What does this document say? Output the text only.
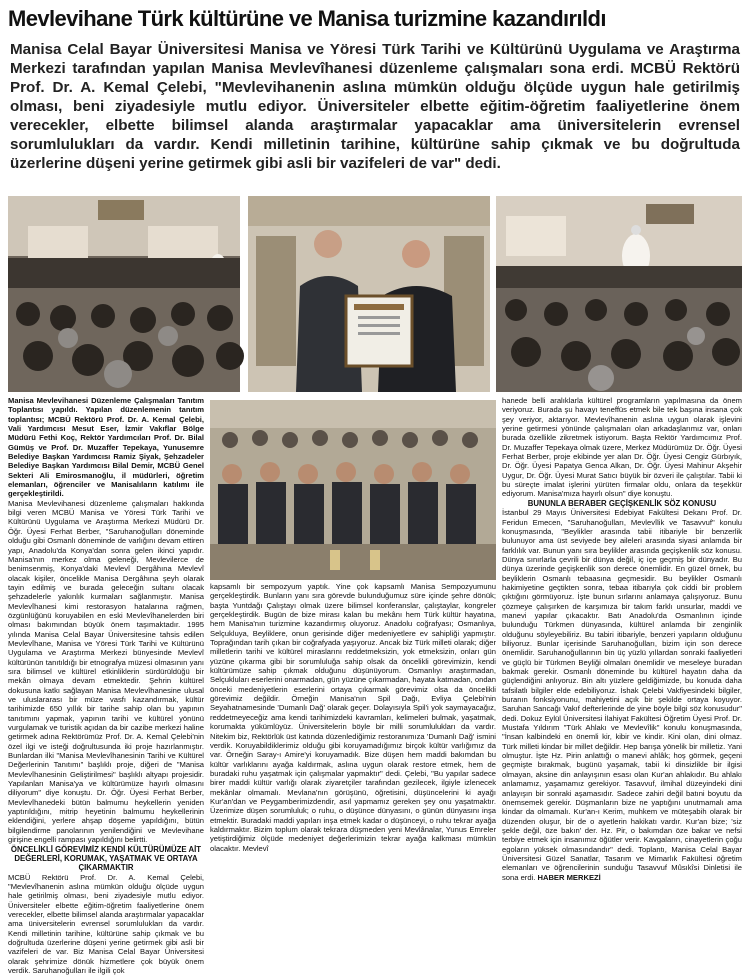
Mevlevihane Türk kültürüne ve Manisa turizmine kazandırıldı
Manisa Celal Bayar Üniversitesi Manisa ve Yöresi Türk Tarihi ve Kültürünü Uygulama ve Araştırma Merkezi tarafından yapılan Manisa Mevlevîhanesi düzenleme çalışmaları sona erdi. MCBÜ Rektörü Prof. Dr. A. Kemal Çelebi, "Mevlevihanenin aslına mümkün olduğu ölçüde uygun hale getirilmiş olması, beni ziyadesiyle mutlu ediyor. Üniversiteler elbette eğitim-öğretim faaliyetlerine önem verecekler, elbette bilimsel alanda araştırmalar yapacaklar ama üniversitelerin evrensel sorumlulukları da vardır. Kendi milletinin tarihine, kültürüne sahip çıkmak ve bu doğrultuda üzerlerine düşeni yerine getirmek gibi asli bir vazifeleri de var" dedi.

Manisa Mevlevihanesi Düzenleme Çalışmaları Tanıtım Toplantısı yapıldı. Yapılan düzenlemenin tanıtım toplantısı; MCBÜ Rektörü Prof. Dr. A. Kemal Çelebi, Vali Yardımcısı Mesut Eser, İzmir Vakıflar Bölge Müdürü Fethi Koç, Rektör Yardımcıları Prof. Dr. Bilal Gümüş ve Prof. Dr. Muzaffer Tepekaya, Yunusemre Belediye Başkan Yardımcısı Ramiz Şiyak, Şehzadeler Belediye Başkan Yardımcısı Bilal Demir, MCBÜ Genel Sekteri Ali Emirosmanoğlu, il müdürleri, öğretim elemanları, öğrenciler ve Manisalıların katılımı ile gerçekleştirildi.

Manisa Mevlevihanesi düzenleme çalışmaları hakkında bilgi veren MCBÜ Manisa ve Yöresi Türk Tarihi ve Kültürünü Uygulama ve Araştırma Merkezi Müdürü Dr. Öğr. Üyesi Ferhat Berber, "Saruhanoğulları döneminde olduğu gibi Osmanlı döneminde de varlığını devam ettiren yapı, Anadolu'da Konya'dan sonra gelen ikinci yapıdır. Manisa'nın merkez olma geleneği, Mevlevilerce de benimsenmiş, Konya'daki Mevlevî Dergâhına Mevlevî olacak kişiler, öncelikle Manisa Dergâhına şeyh olarak tayin edilmiş ve burada geleceğin sultanı olacak şehzadelerle yakınlık kurmaları sağlanmıştır. Manisa Mevlevîhanesi kimi restorasyon hatalarına rağmen, özgünlüğünü koruyabilen en eski Mevlevîhanelerden biri olması bakımından büyük önem taşımaktadır. 1995 yılında Manisa Celal Bayar Üniversitesine tahsis edilen Mevlevîhane, Manisa ve Yöresi Türk Tarihi ve Kültürünü Uygulama ve Araştırma Merkezi bünyesinde Mevlevî kültürünün tanıtıldığı bir etnografya müzesi olmasının yanı sıra bilimsel ve kültürel etkinliklerin sürdürüldüğü bir mekân olmaya devam etmektedir. Şehrin kültürel dokusuna katkı sağlayan Manisa Mevlevîhanesine ulusal ve uluslararası bir müze vasfı kazandırmak, kültür tarihimizde 650 yıllık bir tarihe sahip olan bu yapının tanıtımını yapmak, yapının tarihi ve kültürel yönünü vurgulamak ve turistik açıdan da bir cazibe merkezi haline getirmek adına Rektörümüz Prof. Dr. A. Kemal Çelebi'nin özel ilgi ve isteği doğrultusunda iki proje hazırlanmıştır. Bunlardan ilki "Manisa Mevlevîhanesinin Tarihi ve Kültürel Değerlerinin Tanıtımı" başlıklı proje, diğeri de "Manisa Mevlevîhanesinin Geliştirilmesi" başlıklı altyapı projesidir. Yapılanları Manisa'ya ve kültürümüze hayırlı olmasını diliyorum" diye konuştu. Dr. Öğr. Üyesi Ferhat Berber, Mevlevîhanedeki bütün balmumu heykellerin yeniden yaptırıldığını, mitrip heyetinin balmumu heykellerinin eklendiğini, yerlere ahşap döşeme yapıldığını, bütün bilgilendirme panolarının yenilendiğini ve Mevlevihane girişine engelli rampası yapıldığını belirtti.

ÖNCELİKLİ GÖREVİMİZ KENDİ KÜLTÜRÜMÜZE AİT DEĞERLERİ, KORUMAK, YAŞATMAK VE ORTAYA ÇIKARMAKTIR

MCBÜ Rektörü Prof. Dr. A. Kemal Çelebi, "Mevlevîhanenin aslına mümkün olduğu ölçüde uygun hale getirilmiş olması, beni ziyadesiyle mutlu ediyor. Üniversiteler elbette eğitim-öğretim faaliyetlerine önem verecekler, elbette bilimsel alanda araştırmalar yapacaklar ama üniversitelerin evrensel sorumlulukları da vardır. Kendi milletinin tarihine, kültürüne sahip çıkmak ve bu doğrultuda üzerlerine düşeni yerine getirmek gibi asli bir vazifeleri de var. Biz Manisa Celal Bayar Üniversitesi olarak şehrimize dönük hizmetlere çok büyük önem verdik. Saruhanoğulları ile ilgili çok

kapsamlı bir sempozyum yaptık. Yine çok kapsamlı Manisa Sempozyumunu gerçekleştirdik. Bunların yanı sıra görevde bulunduğumuz süre içinde şehre dönük; başta Yuntdağı Çalıştayı olmak üzere bilimsel konferanslar, çalıştaylar, kongreler gerçekleştirdik. Bugün de bize mirası kalan bu mekânı hem Türk kültür hayatına, hem Manisa'nın turizmine kazandırmış oluyoruz. Anadolu coğrafyası; Osmanlıya, Selçukluya, Beyliklere, onun gerisinde diğer medeniyetlere ev sahipliği yapmıştır. Toprağından tarih çıkan bir coğrafyada yaşıyoruz. Ancak biz Türk milleti olarak; diğer milletlerin tarihi ve kültürel miraslarını reddetmeksizin, yok etmeksizin, onları gün yüzüne çıkarma gibi bir sorumluluğa sahip olsak da öncelikli görevimizin, kendi kültürümüze sahip çıkmak olduğunu düşünüyorum. Osmanlıyı araştırmadan, Selçukluları eserlerini onarmadan, gün yüzüne çıkarmadan, hayata katmadan, ondan önceki medeniyetlerin eserlerini ortaya çıkarmak görevimiz olsa da öncelikli görevimiz değildir. Örneğin Manisa'nın Spil Dağı, Evliya Çelebi'nin Seyahatnamesinde 'Dumanlı Dağ' olarak geçer. Dolayısıyla Spil'i yok saymayacağız, reddetmeyeceğiz ama kendi tarihimizdeki kavramları, kelimeleri bulmak, yaşatmak, korumakta yükümlüyüz. Üniversitelerin böyle bir milli sorumlulukları da vardır. Nitekim biz, Rektörlük üst katında düzenlediğimiz restoranımıza 'Dumanlı Dağ' ismini verdik. Koruyabildiklerimiz olduğu gibi koruyamadığımız birçok kültür varlığımız da var. Örneğin Saray-ı Amire'yi koruyamadık. Bize düşen hem maddi bakımdan bu kültür varlıklarını ayağa kaldırmak, aslına uygun olarak restore etmek, hem de buradaki ruhu yaşatmak için çalışmalar yapmaktır" dedi. Çelebi, "Bu yapılar sadece birer maddi kültür varlığı olarak ziyaretçiler tarafından gezilecek, ilgiyle izlenecek mekânlar olmamalı. Mevlana'nın görüşünü, öğretisini, düşüncelerini ki ayağı Kur'an'dan ve Peygamberimizdendir, asıl yapmamız gereken şey onu yaşatmaktır. Üzerimize düşen sorumluluk; o ruhu, o düşünce dünyasını, o günün dünyasını inşa etmektir. Buradaki maddi yapıları inşa etmek kadar o düşünceyi, o ruhu tekrar ayağa kaldırmaktır. Bizim toplum olarak tekrara düşmeden yeni Mevlânalar, Yunus Emreler yetiştirdiğimiz ölçüde medeniyet değerlerimizin tekrar ayağa kalkması mümkün olacaktır. Mevlevî

hanede belli aralıklarla kültürel programların yapılmasına da önem veriyoruz. Burada şu havayı teneffüs etmek bile tek başına insana çok şey veriyor, aktarıyor. Mevlevîhanenin aslına uygun olarak işlevini yerine getirmesi yönünde çalışmaları olan arkadaşlarımız var, onları burada özellikle zikretmek istiyorum. Başta Rektör Yardımcımız Prof. Dr. Muzaffer Tepekaya olmak üzere, Merkez Müdürümüz Dr. Öğr. Üyesi Ferhat Berber, proje ekibinde yer alan Dr. Öğr. Üyesi Cengiz Gürbıyık, Dr. Öğr. Üyesi Papatya Genca Alkan, Dr. Öğr. Üyesi Mahinur Akşehir Uygur, Dr. Öğr. Üyesi Murat Satıcı büyük bir özveri ile çalıştılar. Tabii ki bu süreçte imalat işlerini yürüten firmalar oldu, onlara da teşekkür ediyorum. Manisa'mıza hayırlı olsun" diye konuştu.

BUNUNLA BERABER GEÇİŞKENLİK SÖZ KONUSU

İstanbul 29 Mayıs Üniversitesi Edebiyat Fakültesi Dekanı Prof. Dr. Feridun Emecen, "Saruhanoğulları, Mevlevîlik ve Tasavvuf" konulu konuşmasında, "Beylikler arasında tabii itibariyle bir benzerlik bulunuyor ama üst seviyede bey aileleri arasında siyasi anlamda bir farklılık var. Bunun yanı sıra beylikler arasında geçişkenlik söz konusu. Dünya sınırlarla çevrili bir dünya değil, iç içe geçmiş bir dünyadır. Bu dünya üzerinde geçişkenlik son derece önemlidir. En güzel örnek, bu beyliklerin Osmanlı tebaasına geçmesidir. Bu beylikler Osmanlı hakimiyetine geçtikten sonra, tebaa itibarıyla çok ciddi bir problem çıktığını görmüyoruz. İşte bunun sırlarını anlamaya çalışıyoruz. Bunu çözmeye çalışırken de karşımıza bir takım farklı unsurlar, maddi ve manevi yapılar çıkacaktır. Batı Anadolu'da Osmanlının içinde bulunduğu Türkmen dünyasında, kültürel anlamda bir zenginlik olduğunu söyleyebiliriz. Bu tabiri itibariyle, benzeri yapıların olduğunu biliyoruz. Bunlar içerisinde Saruhanoğulları, bizim için son derece önemlidir. Saruhanoğullarının bin üç yüzlü yıllardan sonraki faaliyetleri ve güçlü bir Türkmen Beyliği olmaları önemlidir ve meseleye buradan bakmak gerekir. Osmanlı döneminde bu kültürel hayatın daha da güçlendiğini anlıyoruz. Bin altı yüzlere geldiğimizde, bu konuda daha tafsilatlı bilgiler elde edebiliyoruz. İshak Çelebi Vakfiyesindeki bilgiler, buranın fonksiyonunu, mahiyetini açık bir şekilde ortaya koyuyor. Saruhan Sancağı Vakıf defterlerinde de yine böyle bilgi söz konusudur" dedi. Dokuz Eylül Üniversitesi İlahiyat Fakültesi Öğretim Üyesi Prof. Dr. Mustafa Yıldırım "Türk Ahlakı ve Mevlevîlik" konulu konuşmasında, "İnsan kalbindeki en önemli kir, kibir ve kindir. Kini olan, dini olmaz. Türk milleti kindar bir millet değildir. Hep barışa yönelik bir milletiz. Yani olmuştur. İşte Hz. Pirin anlattığı o manevi ahlâk; hoş görmek, geçeni geçmişte bırakmak, bugünü yaşamak, tabii ki dinsizlikle bir ilgisi olmayan, aksine din anlayışının esası olan Kur'an ahlakıdır. Bu ahlakı anlamamız, yaşamamız gerekiyor. Tasavvuf, ilmihal düzeyindeki dini anlayışın bir sonraki aşamasıdır. Sadece zahiri değil batıni boyutu da önemsemek gerekir. Düşmanların bize ne yaptığını unutmamalı ama kindar da olmamalı. Kur'an-ı Kerim, muhkem ve müteşabih olarak bir düzenden oluşur, bir de o ayetlerin hakikatı vardır. Kur'an bize; 'siz şekle değil, öze bakın' der. Hz. Pir, o bakımdan öze bakar ve nefsi terbiye etmek için insanımız öğütler verir. Kavgaların, cinayetlerin çoğu egoların yüksek olmasındandır" dedi. Toplantı, Manisa Celal Bayar Üniversitesi Güzel Sanatlar, Tasarım ve Mimarlık Fakültesi öğretim elemanları ve öğrencilerinin sunduğu Tasavvuf Mûsıkîsi Dinletisi ile sona erdi. HABER MERKEZİ
